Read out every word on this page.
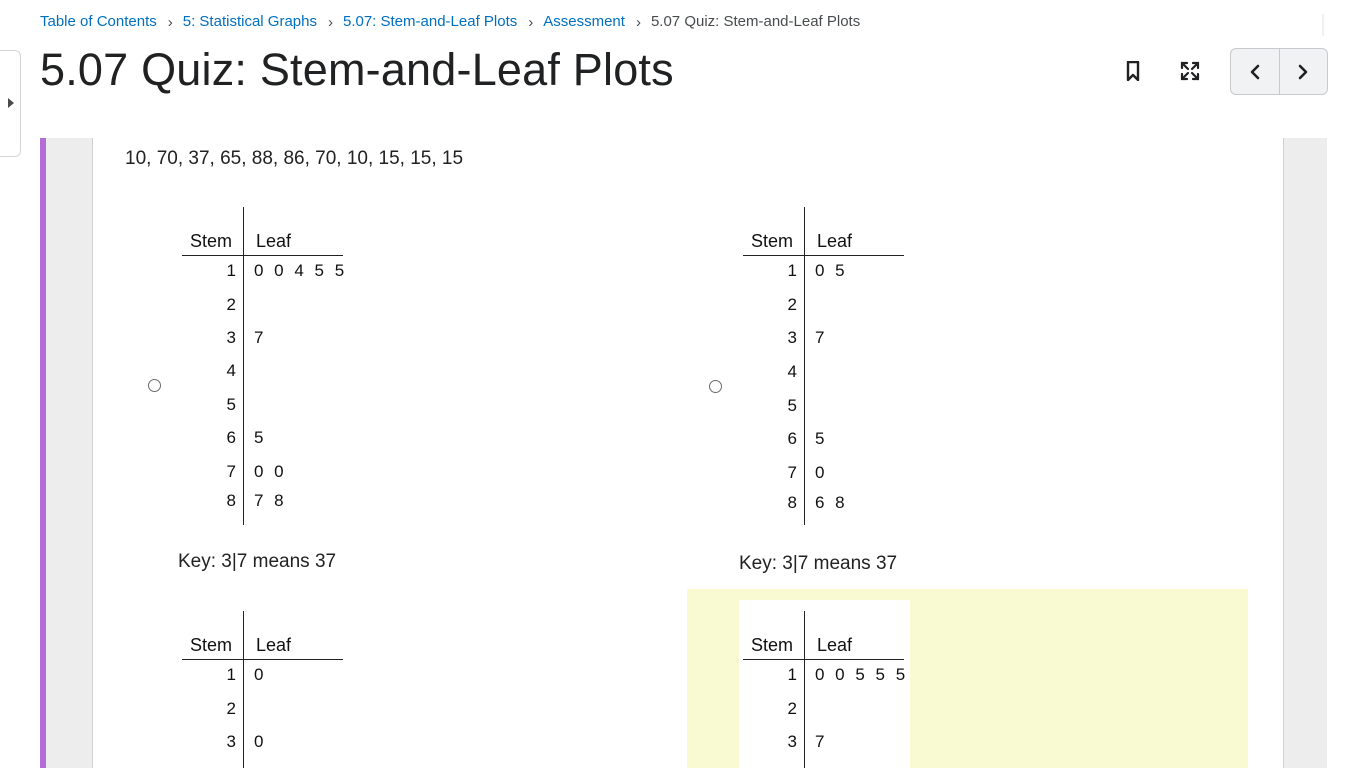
Table of Contents › 5: Statistical Graphs › 5.07: Stem-and-Leaf Plots › Assessment › 5.07 Quiz: Stem-and-Leaf Plots
5.07 Quiz: Stem-and-Leaf Plots
10, 70, 37, 65, 88, 86, 70, 10, 15, 15, 15
Stem Leaf
1 0 0 4 5 5
2
3 7
4
5
6 5
7 0 0
8 7 8
Key: 3|7 means 37
Stem Leaf
1 0 5
2
3 7
4
5
6 5
7 0
8 6 8
Key: 3|7 means 37
Stem Leaf
1 0
2
3 0
Stem Leaf
1 0 0 5 5 5
2
3 7
